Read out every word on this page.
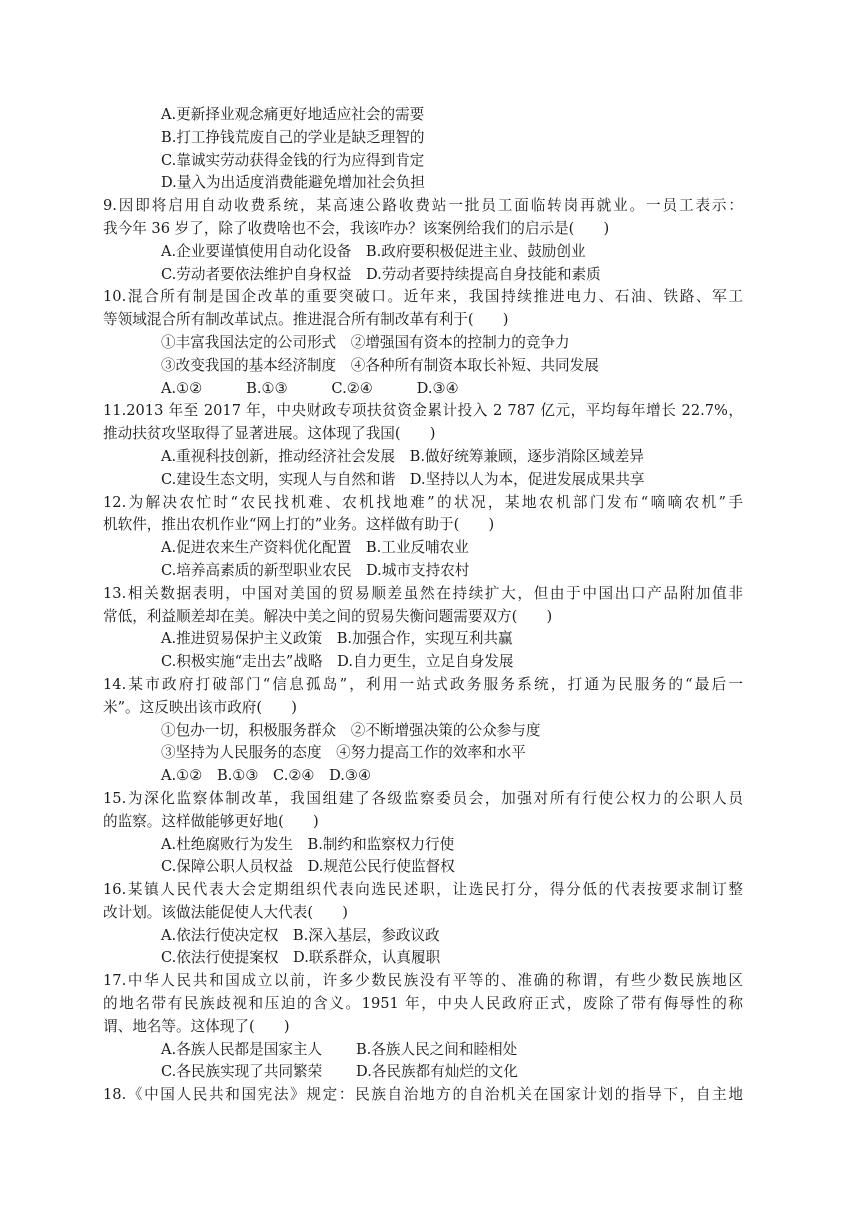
A.更新择业观念痛更好地适应社会的需要
B.打工挣钱荒废自己的学业是缺乏理智的
C.靠诚实劳动获得金钱的行为应得到肯定
D.量入为出适度消费能避免增加社会负担
9.因即将启用自动收费系统，某高速公路收费站一批员工面临转岗再就业。一员工表示：
我今年 36 岁了，除了收费啥也不会，我该咋办？该案例给我们的启示是(　　)
A.企业要谨慎使用自动化设备　B.政府要积极促进主业、鼓励创业
C.劳动者要依法维护自身权益　D.劳动者要持续提高自身技能和素质
10.混合所有制是国企改革的重要突破口。近年来，我国持续推进电力、石油、铁路、军工
等领域混合所有制改革试点。推进混合所有制改革有利于(　　)
①丰富我国法定的公司形式　②增强国有资本的控制力的竞争力
③改变我国的基本经济制度　④各种所有制资本取长补短、共同发展
A.①②　　　B.①③　　　C.②④　　　D.③④
11.2013 年至 2017 年，中央财政专项扶贫资金累计投入 2 787 亿元，平均每年增长 22.7%，
推动扶贫攻坚取得了显著进展。这体现了我国(　　)
A.重视科技创新，推动经济社会发展　B.做好统筹兼顾，逐步消除区域差异
C.建设生态文明，实现人与自然和谐　D.坚持以人为本，促进发展成果共享
12.为解决农忙时“农民找机难、农机找地难”的状况，某地农机部门发布“嘀嘀农机”手
机软件，推出农机作业“网上打的”业务。这样做有助于(　　)
A.促进农来生产资料优化配置　B.工业反哺农业
C.培养高素质的新型职业农民　D.城市支持农村
13.相关数据表明，中国对美国的贸易顺差虽然在持续扩大，但由于中国出口产品附加值非
常低，利益顺差却在美。解决中美之间的贸易失衡问题需要双方(　　)
A.推进贸易保护主义政策　B.加强合作，实现互利共赢
C.积极实施“走出去”战略　D.自力更生，立足自身发展
14.某市政府打破部门“信息孤岛”，利用一站式政务服务系统，打通为民服务的“最后一
米”。这反映出该市政府(　　)
①包办一切，积极服务群众　②不断增强决策的公众参与度
③坚持为人民服务的态度　④努力提高工作的效率和水平
A.①②　B.①③　C.②④　D.③④
15.为深化监察体制改革，我国组建了各级监察委员会，加强对所有行使公权力的公职人员
的监察。这样做能够更好地(　　)
A.杜绝腐败行为发生　B.制约和监察权力行使
C.保障公职人员权益　D.规范公民行使监督权
16.某镇人民代表大会定期组织代表向选民述职，让选民打分，得分低的代表按要求制订整
改计划。该做法能促使人大代表(　　)
A.依法行使决定权　B.深入基层，参政议政
C.依法行使提案权　D.联系群众，认真履职
17.中华人民共和国成立以前，许多少数民族没有平等的、准确的称谓，有些少数民族地区
的地名带有民族歧视和压迫的含义。1951 年，中央人民政府正式，废除了带有侮辱性的称
谓、地名等。这体现了(　　)
A.各族人民都是国家主人　　 B.各族人民之间和睦相处
C.各民族实现了共同繁荣　　 D.各民族都有灿烂的文化
18.《中国人民共和国宪法》规定：民族自治地方的自治机关在国家计划的指导下，自主地
